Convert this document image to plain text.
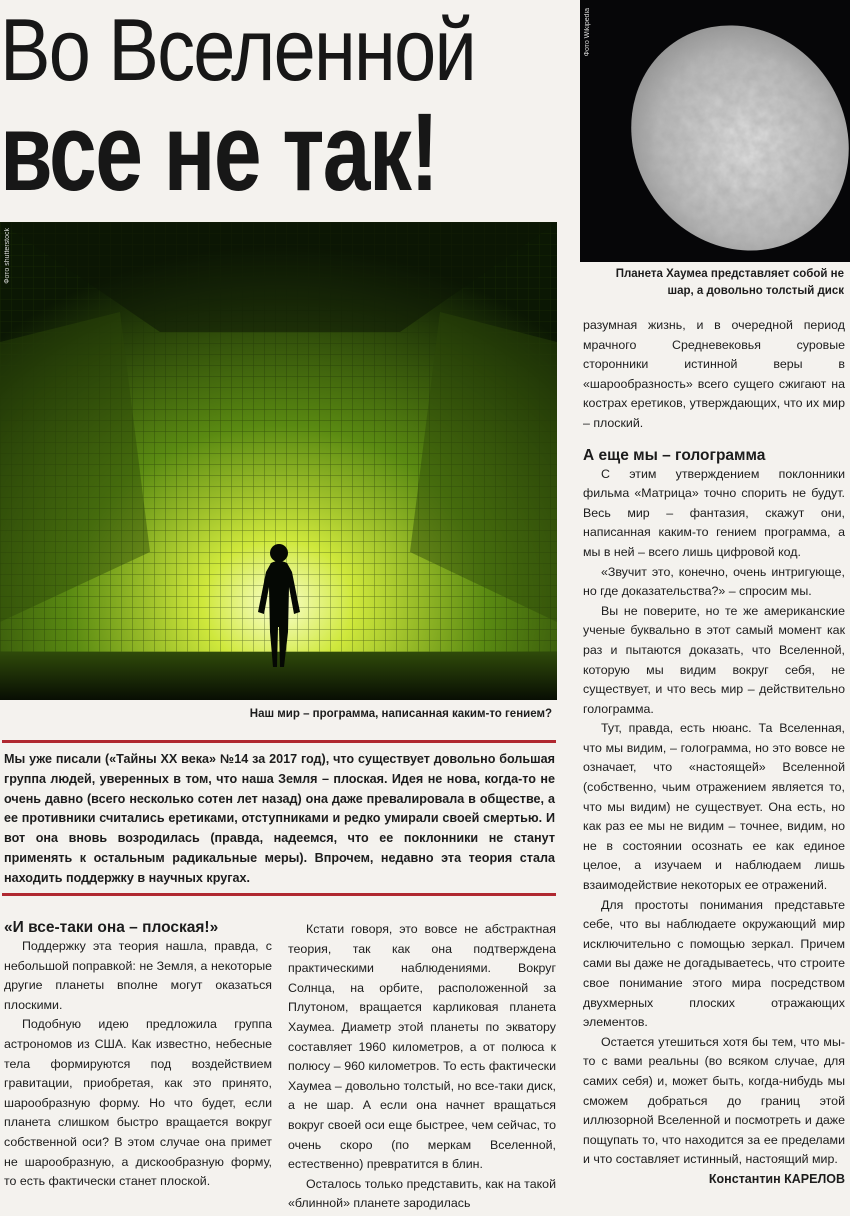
Во Вселенной
все не так!
Фото Wikipedia
Планета Хаумеа представляет собой не
шар, а довольно толстый диск
Фото shutterstock
Наш мир – программа, написанная каким-то гением?

Мы уже писали («Тайны XX века» №14 за 2017 год), что существует довольно большая группа людей, уверенных в том, что наша Земля – плоская. Идея не нова, когда-то не очень давно (всего несколько сотен лет назад) она даже превалировала в обществе, а ее противники считались еретиками, отступниками и редко умирали своей смертью. И вот она вновь возродилась (правда, надеемся, что ее поклонники не станут применять к остальным радикальные меры). Впрочем, недавно эта теория стала находить поддержку в научных кругах.

«И все-таки она – плоская!»

Поддержку эта теория нашла, правда, с небольшой поправкой: не Земля, а некоторые другие планеты вполне могут оказаться плоскими.

Подобную идею предложила группа астрономов из США. Как известно, небесные тела формируются под воздействием гравитации, приобретая, как это принято, шарообразную форму. Но что будет, если планета слишком быстро вращается вокруг собственной оси? В этом случае она примет не шарообразную, а дискообразную форму, то есть фактически станет плоской.

Кстати говоря, это вовсе не абстрактная теория, так как она подтверждена практическими наблюдениями. Вокруг Солнца, на орбите, расположенной за Плутоном, вращается карликовая планета Хаумеа. Диаметр этой планеты по экватору составляет 1960 километров, а от полюса к полюсу – 960 километров. То есть фактически Хаумеа – довольно толстый, но все-таки диск, а не шар. А если она начнет вращаться вокруг своей оси еще быстрее, чем сейчас, то очень скоро (по меркам Вселенной, естественно) превратится в блин.

Осталось только представить, как на такой «блинной» планете зародилась

разумная жизнь, и в очередной период мрачного Средневековья суровые сторонники истинной веры в «шарообразность» всего сущего сжигают на кострах еретиков, утверждающих, что их мир – плоский.

А еще мы – голограмма

С этим утверждением поклонники фильма «Матрица» точно спорить не будут. Весь мир – фантазия, скажут они, написанная каким-то гением программа, а мы в ней – всего лишь цифровой код.

«Звучит это, конечно, очень интригующе, но где доказательства?» – спросим мы.

Вы не поверите, но те же американские ученые буквально в этот самый момент как раз и пытаются доказать, что Вселенной, которую мы видим вокруг себя, не существует, и что весь мир – действительно голограмма.

Тут, правда, есть нюанс. Та Вселенная, что мы видим, – голограмма, но это вовсе не означает, что «настоящей» Вселенной (собственно, чьим отражением является то, что мы видим) не существует. Она есть, но как раз ее мы не видим – точнее, видим, но не в состоянии осознать ее как единое целое, а изучаем и наблюдаем лишь взаимодействие некоторых ее отражений.

Для простоты понимания представьте себе, что вы наблюдаете окружающий мир исключительно с помощью зеркал. Причем сами вы даже не догадываетесь, что строите свое понимание этого мира посредством двухмерных плоских отражающих элементов.

Остается утешиться хотя бы тем, что мы-то с вами реальны (во всяком случае, для самих себя) и, может быть, когда-нибудь мы сможем добраться до границ этой иллюзорной Вселенной и посмотреть и даже пощупать то, что находится за ее пределами и что составляет истинный, настоящий мир.

Константин КАРЕЛОВ
